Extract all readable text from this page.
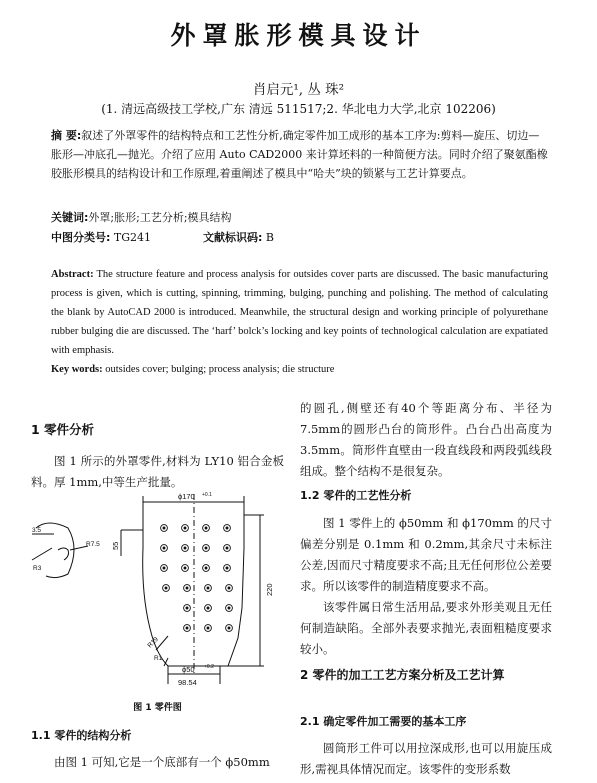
外罩胀形模具设计
肖启元¹, 丛 珠²
(1. 清远高级技工学校,广东 清远 511517;2. 华北电力大学,北京 102206)
摘 要:叙述了外罩零件的结构特点和工艺性分析,确定零件加工成形的基本工序为:剪料—旋压、切边—胀形—冲底孔—抛光。介绍了应用 Auto CAD2000 来计算坯料的一种简便方法。同时介绍了聚氨酯橡胶胀形模具的结构设计和工作原理,着重阐述了模具中“哈夫”块的锁紧与工艺计算要点。
关键词:外罩;胀形;工艺分析;模具结构
中图分类号: TG241	文献标识码: B
Abstract: The structure feature and process analysis for outsides cover parts are discussed. The basic manufacturing process is given, which is cutting, spinning, trimming, bulging, punching and polishing. The method of calculating the blank by AutoCAD 2000 is introduced. Meanwhile, the structural design and working principle of polyurethane rubber bulging die are discussed. The ‘harf’ bolck’s locking and key points of technological calculation are expatiated with emphasis.
Key words: outsides cover; bulging; process analysis; die structure
1 零件分析
图 1 所示的外罩零件,材料为 LY10 铝合金板料。厚 1mm,中等生产批量。
ϕ170 +0.1
220
55
R7.5
R3
3.5
R19
R1
ϕ50 +0.2
98.54
图 1 零件图
1.1 零件的结构分析
由图 1 可知,它是一个底部有一个 ϕ50mm
的圆孔,侧壁还有40个等距离分布、半径为 7.5mm的圆形凸台的筒形件。凸台凸出高度为 3.5mm。筒形件直壁由一段直线段和两段弧线段组成。整个结构不是很复杂。
1.2 零件的工艺性分析
图 1 零件上的 ϕ50mm 和 ϕ170mm 的尺寸偏差分别是 0.1mm 和 0.2mm,其余尺寸未标注公差,因而尺寸精度要求不高;且无任何形位公差要求。所以该零件的制造精度要求不高。
该零件属日常生活用品,要求外形美观且无任何制造缺陷。全部外表要求抛光,表面粗糙度要求较小。
2 零件的加工工艺方案分析及工艺计算
2.1 确定零件加工需要的基本工序
圆筒形工件可以用拉深成形,也可以用旋压成形,需视具体情况而定。该零件的变形系数
